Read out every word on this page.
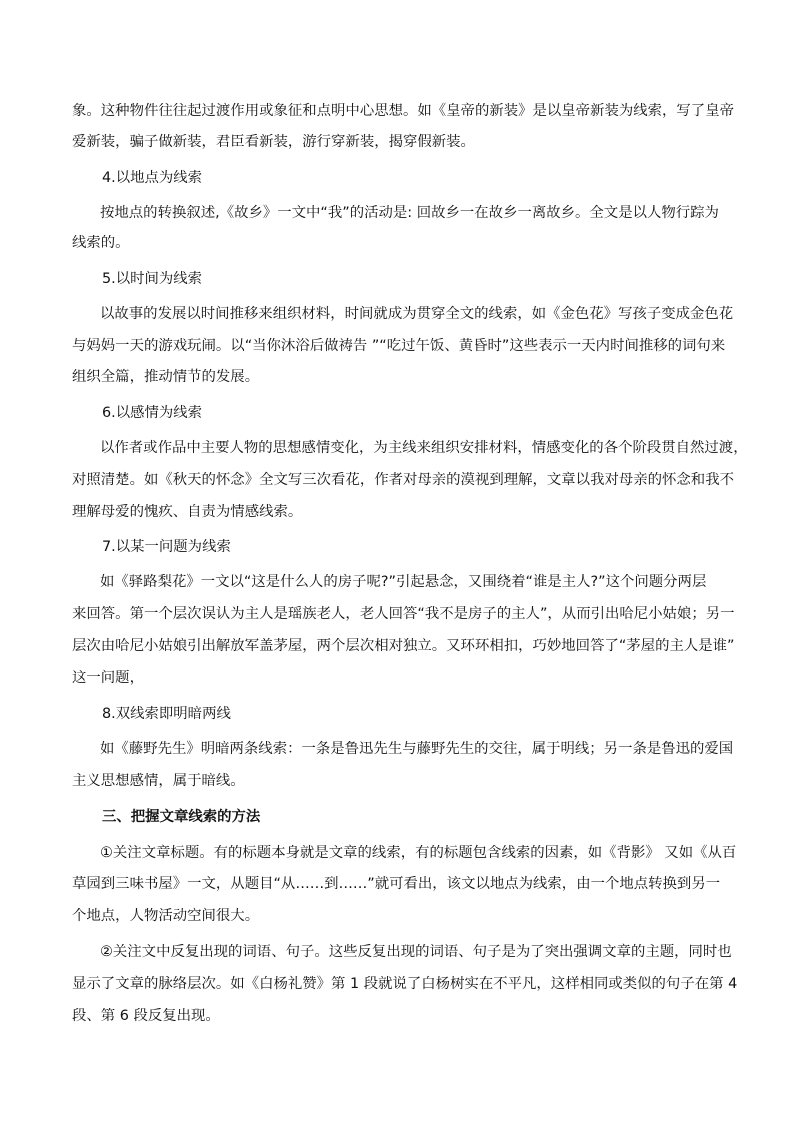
象。这种物件往往起过渡作用或象征和点明中心思想。如《皇帝的新装》是以皇帝新装为线索，写了皇帝
爱新装，骗子做新装，君臣看新装，游行穿新装，揭穿假新装。
4.以地点为线索
按地点的转换叙述,《故乡》一文中“我”的活动是: 回故乡一在故乡一离故乡。全文是以人物行踪为
线索的。
5.以时间为线索
以故事的发展以时间推移来组织材料，时间就成为贯穿全文的线索，如《金色花》写孩子变成金色花
与妈妈一天的游戏玩闹。以“当你沐浴后做祷告 ”“吃过午饭、黄昏时”这些表示一天内时间推移的词句来
组织全篇，推动情节的发展。
6.以感情为线索
以作者或作品中主要人物的思想感情变化，为主线来组织安排材料，情感变化的各个阶段贯自然过渡，
对照清楚。如《秋天的怀念》全文写三次看花，作者对母亲的漠视到理解，文章以我对母亲的怀念和我不
理解母爱的愧疚、自责为情感线索。
7.以某一问题为线索
如《驿路梨花》一文以“这是什么人的房子呢?”引起悬念，又围绕着“谁是主人?”这个问题分两层
来回答。第一个层次误认为主人是瑶族老人，老人回答“我不是房子的主人”，从而引出哈尼小姑娘；另一
层次由哈尼小姑娘引出解放军盖茅屋，两个层次相对独立。又环环相扣，巧妙地回答了“茅屋的主人是谁”
这一问题，
8.双线索即明暗两线
如《藤野先生》明暗两条线索：一条是鲁迅先生与藤野先生的交往，属于明线；另一条是鲁迅的爱国
主义思想感情，属于暗线。
三、把握文章线索的方法
①关注文章标题。有的标题本身就是文章的线索，有的标题包含线索的因素，如《背影》 又如《从百
草园到三味书屋》一文，从题目“从……到……”就可看出，该文以地点为线索，由一个地点转换到另一
个地点，人物活动空间很大。
②关注文中反复出现的词语、句子。这些反复出现的词语、句子是为了突出强调文章的主题，同时也
显示了文章的脉络层次。如《白杨礼赞》第 1 段就说了白杨树实在不平凡，这样相同或类似的句子在第 4
段、第 6 段反复出现。
